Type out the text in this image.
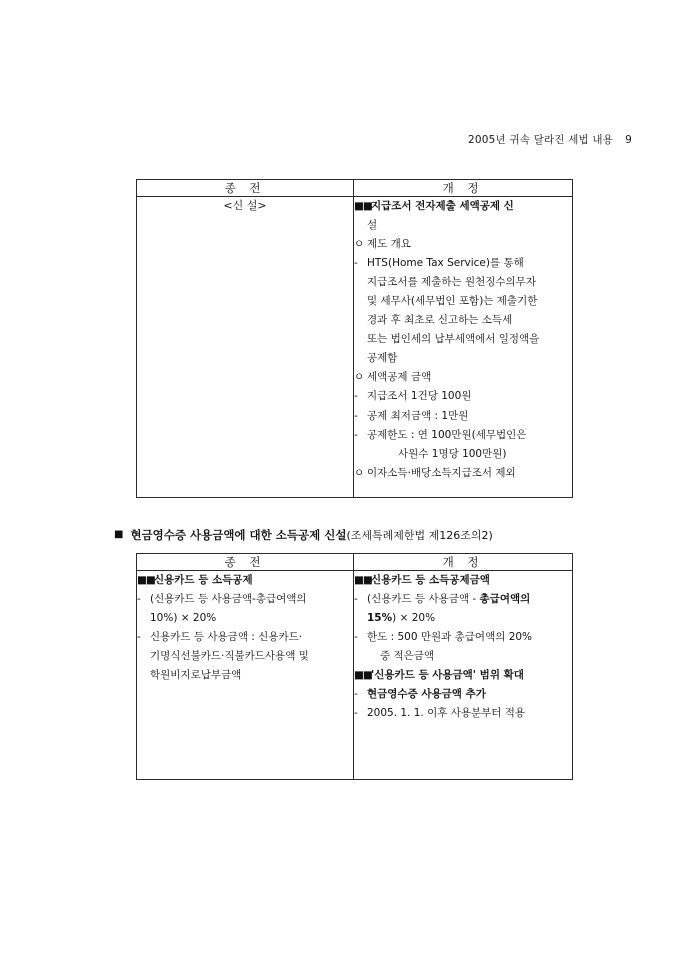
2005년 귀속 달라진 세법 내용 9
종 전	개 정
<신 설>	■■ 지급조서 전자제출 세액공제 신
설
ㅇ 제도 개요
- HTS(Home Tax Service)를 통해
지급조서를 제출하는 원천징수의무자
및 세무사(세무법인 포함)는 제출기한
경과 후 최초로 신고하는 소득세
또는 법인세의 납부세액에서 일정액을
공제함
ㅇ 세액공제 금액
- 지급조서 1건당 100원
- 공제 최저금액 : 1만원
- 공제한도 : 연 100만원(세무법인은
사원수 1명당 100만원)
ㅇ 이자소득·배당소득지급조서 제외
■ 현금영수증 사용금액에 대한 소득공제 신설(조세특례제한법 제126조의2)
종 전	개 정

■■ 신용카드 등 소득공제
- (신용카드 등 사용금액-총급여액의
10%) × 20%
- 신용카드 등 사용금액 : 신용카드·
기명식선불카드·직불카드사용액 및
학원비지로납부금액

■■ 신용카드 등 소득공제금액
- (신용카드 등 사용금액 - 총급여액의
15%) × 20%
- 한도 : 500 만원과 총급여액의 20%
중 적은금액
■■ '신용카드 등 사용금액' 범위 확대
- 현금영수증 사용금액 추가
- 2005. 1. 1. 이후 사용분부터 적용
